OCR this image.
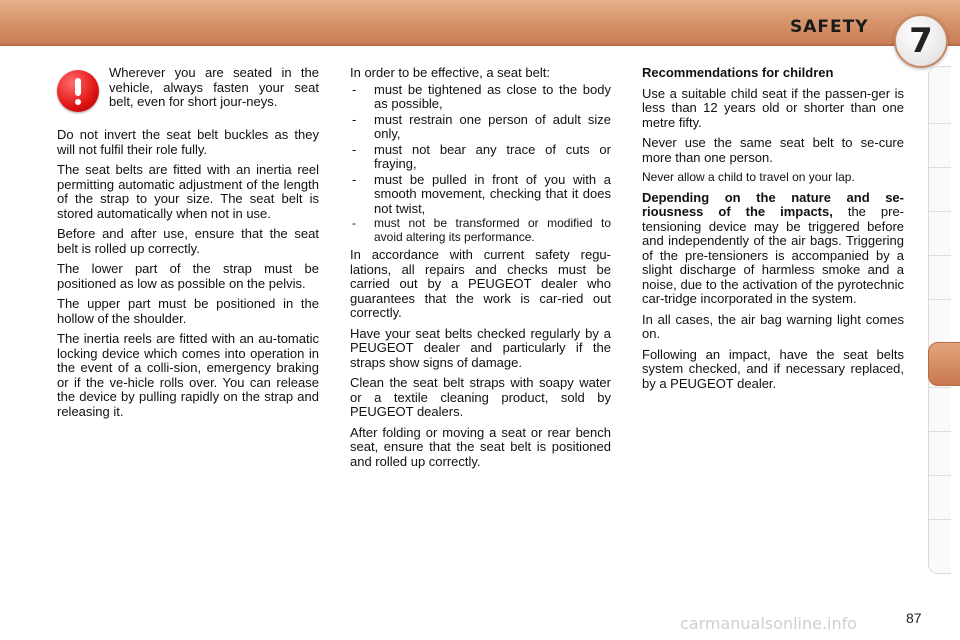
SAFETY	7
Wherever you are seated in the vehicle, always fasten your seat belt, even for short jour-neys.

Do not invert the seat belt buckles as they will not fulfil their role fully.

The seat belts are fitted with an inertia reel permitting automatic adjustment of the length of the strap to your size. The seat belt is stored automatically when not in use.

Before and after use, ensure that the seat belt is rolled up correctly.

The lower part of the strap must be positioned as low as possible on the pelvis.

The upper part must be positioned in the hollow of the shoulder.

The inertia reels are fitted with an au-tomatic locking device which comes into operation in the event of a colli-sion, emergency braking or if the ve-hicle rolls over. You can release the device by pulling rapidly on the strap and releasing it.

In order to be effective, a seat belt:

- must be tightened as close to the body as possible,
- must restrain one person of adult size only,
- must not bear any trace of cuts or fraying,
- must be pulled in front of you with a smooth movement, checking that it does not twist,
- must not be transformed or modified to avoid altering its performance.

In accordance with current safety regu-lations, all repairs and checks must be carried out by a PEUGEOT dealer who guarantees that the work is car-ried out correctly.

Have your seat belts checked regularly by a PEUGEOT dealer and particularly if the straps show signs of damage.

Clean the seat belt straps with soapy water or a textile cleaning product, sold by PEUGEOT dealers.

After folding or moving a seat or rear bench seat, ensure that the seat belt is positioned and rolled up correctly.

Recommendations for children

Use a suitable child seat if the passen-ger is less than 12 years old or shorter than one metre fifty.

Never use the same seat belt to se-cure more than one person.

Never allow a child to travel on your lap.

Depending on the nature and se-riousness of the impacts, the pre-tensioning device may be triggered before and independently of the air bags. Triggering of the pre-tensioners is accompanied by a slight discharge of harmless smoke and a noise, due to the activation of the pyrotechnic car-tridge incorporated in the system.

In all cases, the air bag warning light comes on.

Following an impact, have the seat belts system checked, and if necessary replaced, by a PEUGEOT dealer.

carmanualsonline.info	87
